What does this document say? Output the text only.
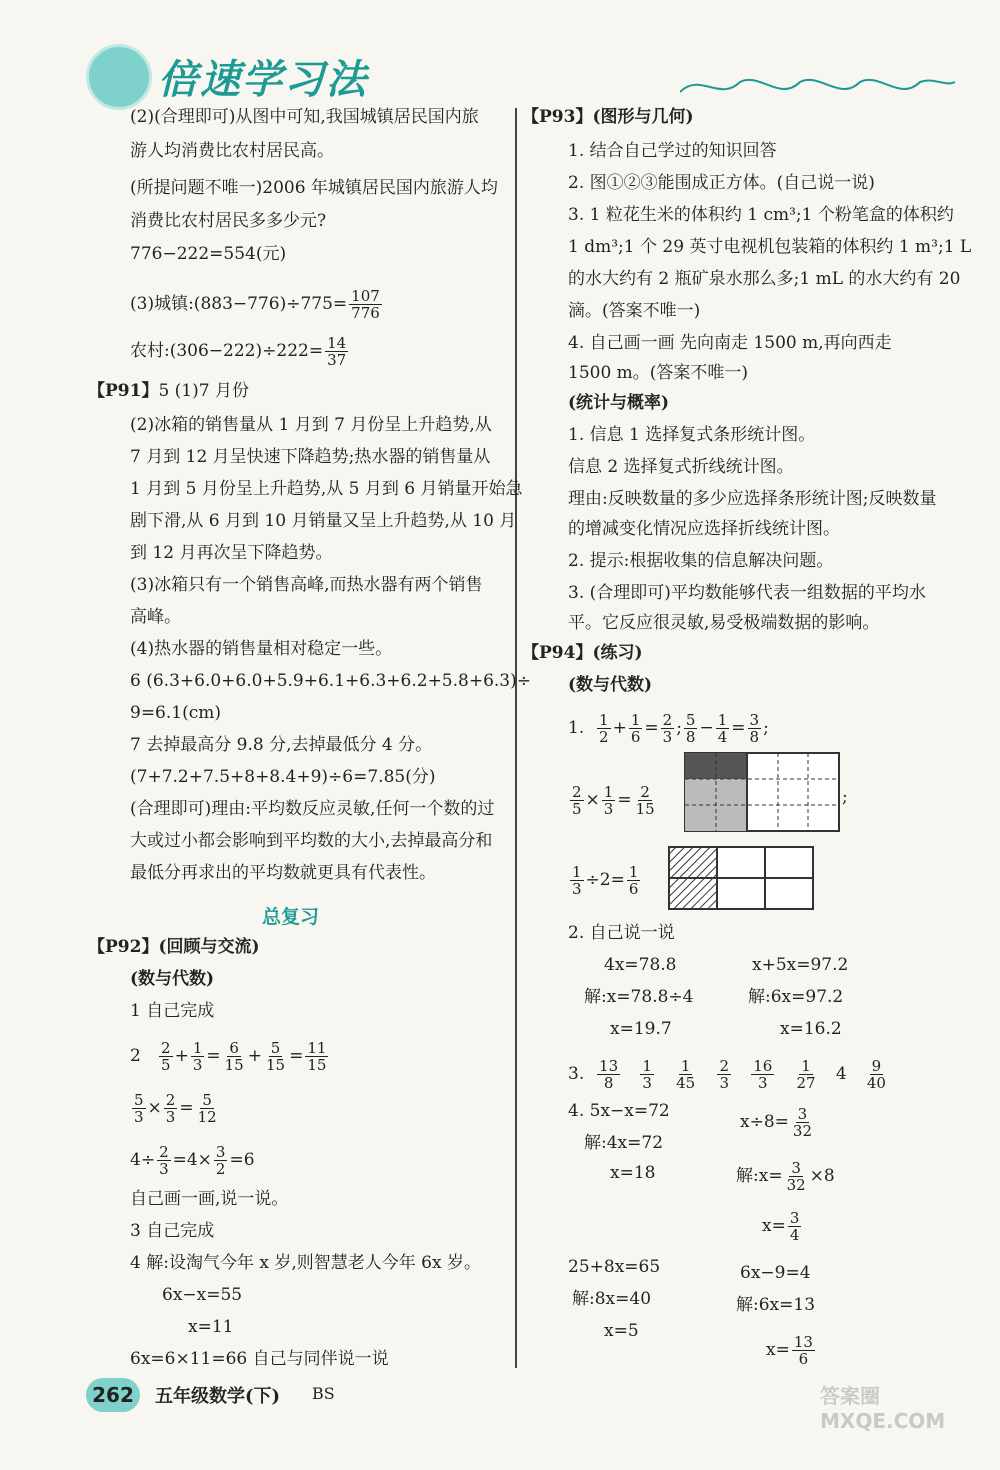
倍速学习法
(2)(合理即可)从图中可知,我国城镇居民国内旅
游人均消费比农村居民高。
(所提问题不唯一)2006 年城镇居民国内旅游人均
消费比农村居民多多少元?
776−222=554(元)
(3)城镇:(883−776)÷775= $\frac{107}{776}$
农村:(306−222)÷222= $\frac{14}{37}$
【P91】5 (1)7 月份
(2)冰箱的销售量从 1 月到 7 月份呈上升趋势,从
7 月到 12 月呈快速下降趋势;热水器的销售量从
1 月到 5 月份呈上升趋势,从 5 月到 6 月销量开始急
剧下滑,从 6 月到 10 月销量又呈上升趋势,从 10 月
到 12 月再次呈下降趋势。
(3)冰箱只有一个销售高峰,而热水器有两个销售
高峰。
(4)热水器的销售量相对稳定一些。
6 (6.3+6.0+6.0+5.9+6.1+6.3+6.2+5.8+6.3)÷
9=6.1(cm)
7 去掉最高分 9.8 分,去掉最低分 4 分。
(7+7.2+7.5+8+8.4+9)÷6=7.85(分)
(合理即可)理由:平均数反应灵敏,任何一个数的过
大或过小都会影响到平均数的大小,去掉最高分和
最低分再求出的平均数就更具有代表性。
总复习
【P92】(回顾与交流)
(数与代数)
1 自己完成
$2 \frac{2}{5} + \frac{1}{3} = \frac{6}{15} + \frac{5}{15} = \frac{11}{15}$
$\frac{5}{3} \times \frac{2}{3} = \frac{5}{12}$
$4\div \frac{2}{3} =4\times \frac{3}{2} =6$
自己画一画,说一说。
3 自己完成
4 解:设淘气今年 x 岁,则智慧老人今年 6x 岁。
6x−x=55
x=11
6x=6×11=66 自己与同伴说一说
【P93】(图形与几何)
1. 结合自己学过的知识回答
2. 图①②③能围成正方体。(自己说一说)
3. 1 粒花生米的体积约 1 cm³;1 个粉笔盒的体积约
1 dm³;1 个 29 英寸电视机包装箱的体积约 1 m³;1 L
的水大约有 2 瓶矿泉水那么多;1 mL 的水大约有 20
滴。(答案不唯一)
4. 自己画一画 先向南走 1500 m,再向西走
1500 m。(答案不唯一)
(统计与概率)
1. 信息 1 选择复式条形统计图。
信息 2 选择复式折线统计图。
理由:反映数量的多少应选择条形统计图;反映数量
的增减变化情况应选择折线统计图。
2. 提示:根据收集的信息解决问题。
3. (合理即可)平均数能够代表一组数据的平均水
平。它反应很灵敏,易受极端数据的影响。
【P94】(练习)
(数与代数)
1. $\frac{1}{2} + \frac{1}{6} = \frac{2}{3}$ ; $\frac{5}{8} - \frac{1}{4} = \frac{3}{8}$ ;
$\frac{2}{5} \times \frac{1}{3} = \frac{2}{15}$	;
$\frac{1}{3} \div 2= \frac{1}{6}$
2. 自己说一说
4x=78.8
解:x=78.8÷4
x=19.7
x+5x=97.2
解:6x=97.2
x=16.2
3. $\frac{13}{8}$
$\frac{1}{3}$
$\frac{1}{45}$
$\frac{2}{3}$
$\frac{16}{3}$
$\frac{1}{27} 4 \frac{9}{40}$
4. 5x−x=72
解:4x=72
x=18
$x\div 8= \frac{3}{32}$
解:x= $\frac{3}{32} \times 8$
$x= \frac{3}{4}$
25+8x=65
解:8x=40
x=5
6x−9=4
解:6x=13
$x= \frac{13}{6}$
262	五年级数学(下) BS	答案圈 MXQE.COM
